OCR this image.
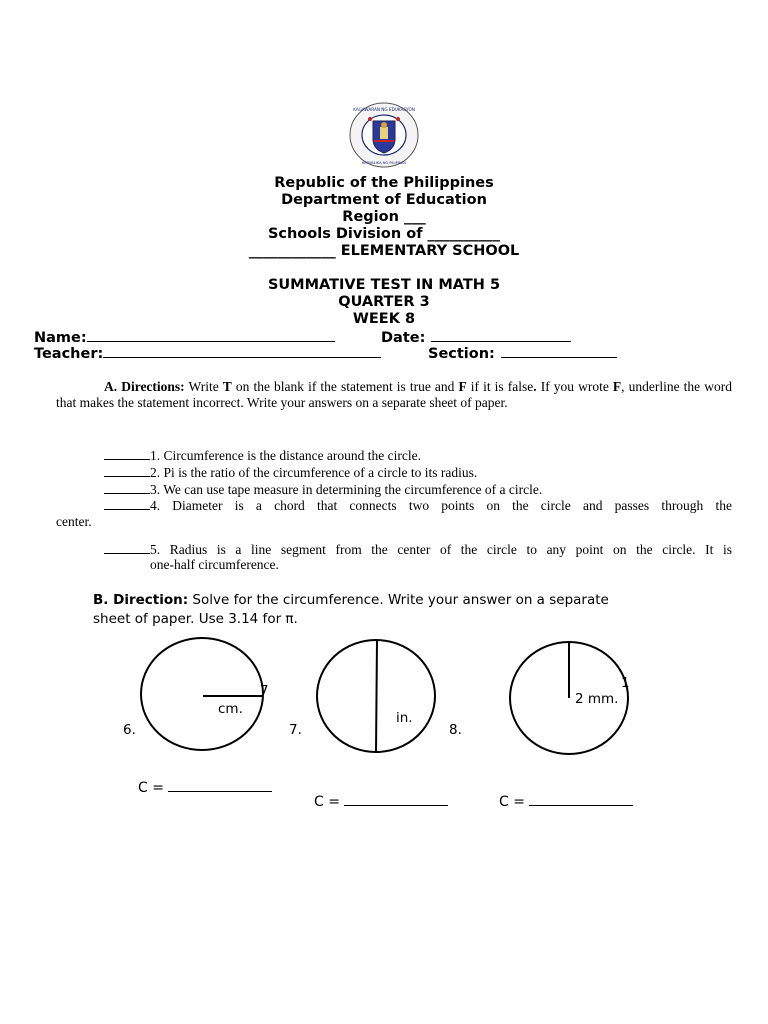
KAGAWARAN NG EDUKASYON
REPUBLIKA NG PILIPINAS
Republic of the Philippines
Department of Education
Region ___
Schools Division of __________
____________ ELEMENTARY SCHOOL
SUMMATIVE TEST IN MATH 5
QUARTER 3
WEEK 8
Name:	Date:
Teacher:	Section:
A. Directions: Write T on the blank if the statement is true and F if it is false. If you wrote F, underline the word that makes the statement incorrect. Write your answers on a separate sheet of paper.
1. Circumference is the distance around the circle.
2. Pi is the ratio of the circumference of a circle to its radius.
3. We can use tape measure in determining the circumference of a circle.
4. Diameter is a chord that connects two points on the circle and passes through the
center.
5. Radius is a line segment from the center of the circle to any point on the circle. It is
one-half circumference.
B. Direction: Solve for the circumference. Write your answer on a separate
sheet of paper. Use 3.14 for π.
7
cm.
6.
in.
7.
1
2 mm.
8.
C =
C =	C =
